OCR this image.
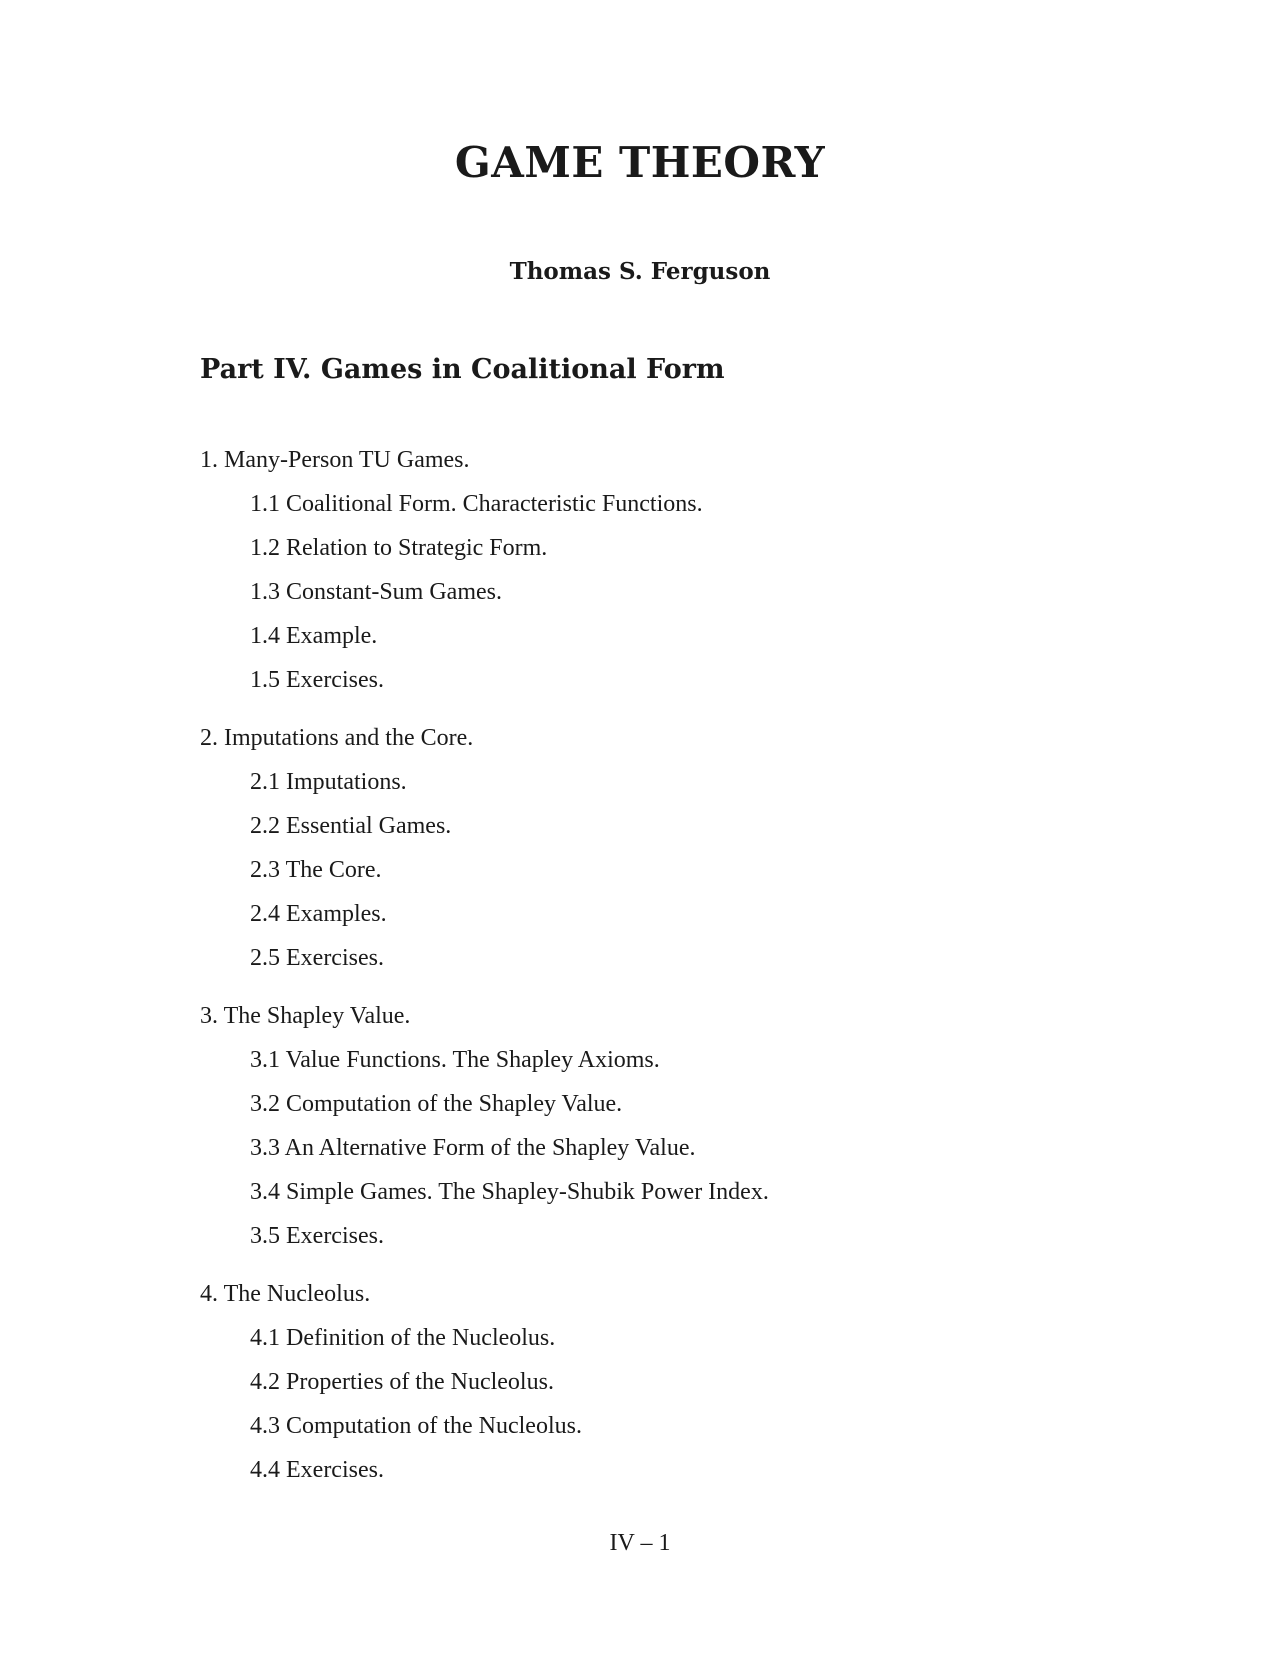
GAME THEORY
Thomas S. Ferguson
Part IV. Games in Coalitional Form
1. Many-Person TU Games.
1.1 Coalitional Form. Characteristic Functions.
1.2 Relation to Strategic Form.
1.3 Constant-Sum Games.
1.4 Example.
1.5 Exercises.
2. Imputations and the Core.
2.1 Imputations.
2.2 Essential Games.
2.3 The Core.
2.4 Examples.
2.5 Exercises.
3. The Shapley Value.
3.1 Value Functions. The Shapley Axioms.
3.2 Computation of the Shapley Value.
3.3 An Alternative Form of the Shapley Value.
3.4 Simple Games. The Shapley-Shubik Power Index.
3.5 Exercises.
4. The Nucleolus.
4.1 Definition of the Nucleolus.
4.2 Properties of the Nucleolus.
4.3 Computation of the Nucleolus.
4.4 Exercises.
IV – 1
